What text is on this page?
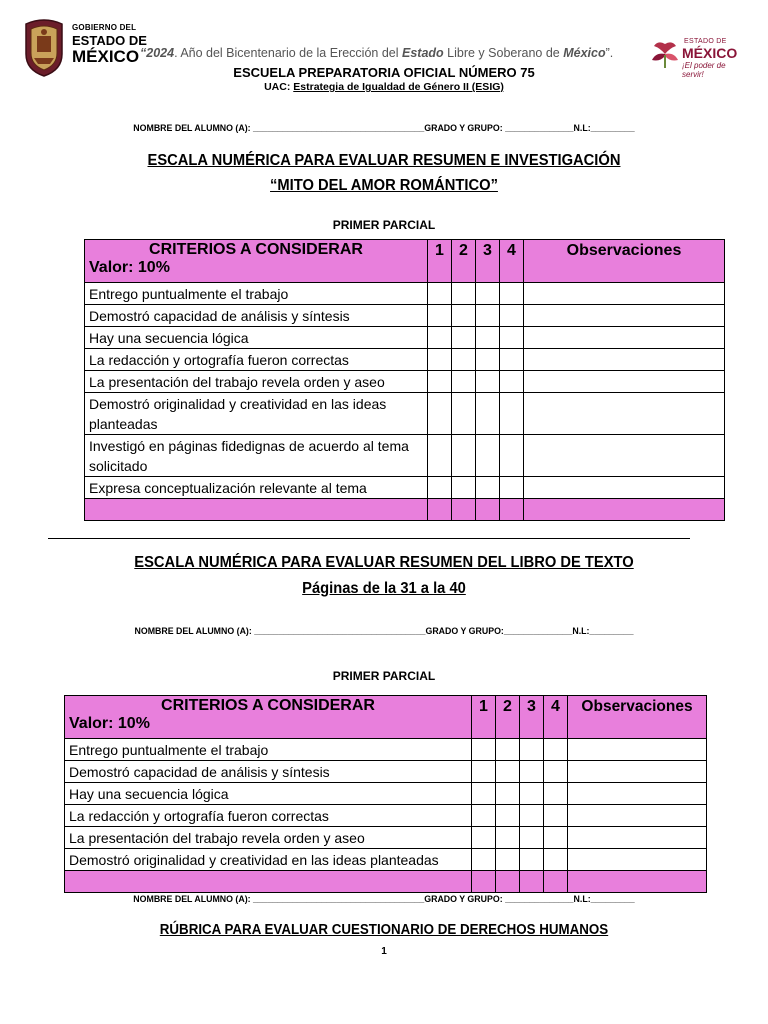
GOBIERNO DEL
ESTADO DE
MÉXICO “2024. Año del Bicentenario de la Erección del Estado Libre y Soberano de México”.
ESTADO DE
MÉXICO
¡El poder de servir!
ESCUELA PREPARATORIA OFICIAL NÚMERO 75
UAC: Estrategia de Igualdad de Género II (ESIG)
NOMBRE DEL ALUMNO (A): ___________________________________GRADO Y GRUPO: ______________N.L:_________
ESCALA NUMÉRICA PARA EVALUAR RESUMEN E INVESTIGACIÓN
“MITO DEL AMOR ROMÁNTICO”
PRIMER PARCIAL
CRITERIOS A CONSIDERAR
Valor: 10%	1	2	3	4	Observaciones
Entrego puntualmente el trabajo					
Demostró capacidad de análisis y síntesis					
Hay una secuencia lógica					
La redacción y ortografía fueron correctas					
La presentación del trabajo revela orden y aseo					
Demostró originalidad y creatividad en las ideas planteadas					
Investigó en páginas fidedignas de acuerdo al tema solicitado					
Expresa conceptualización relevante al tema					

ESCALA NUMÉRICA PARA EVALUAR RESUMEN DEL LIBRO DE TEXTO
Páginas de la 31 a la 40
NOMBRE DEL ALUMNO (A): ___________________________________GRADO Y GRUPO:______________N.L:_________
PRIMER PARCIAL
CRITERIOS A CONSIDERAR
Valor: 10%	1	2	3	4	Observaciones
Entrego puntualmente el trabajo					
Demostró capacidad de análisis y síntesis					
Hay una secuencia lógica					
La redacción y ortografía fueron correctas					
La presentación del trabajo revela orden y aseo					
Demostró originalidad y creatividad en las ideas planteadas					

NOMBRE DEL ALUMNO (A): ___________________________________GRADO Y GRUPO: ______________N.L:_________
RÚBRICA PARA EVALUAR CUESTIONARIO DE DERECHOS HUMANOS
1
